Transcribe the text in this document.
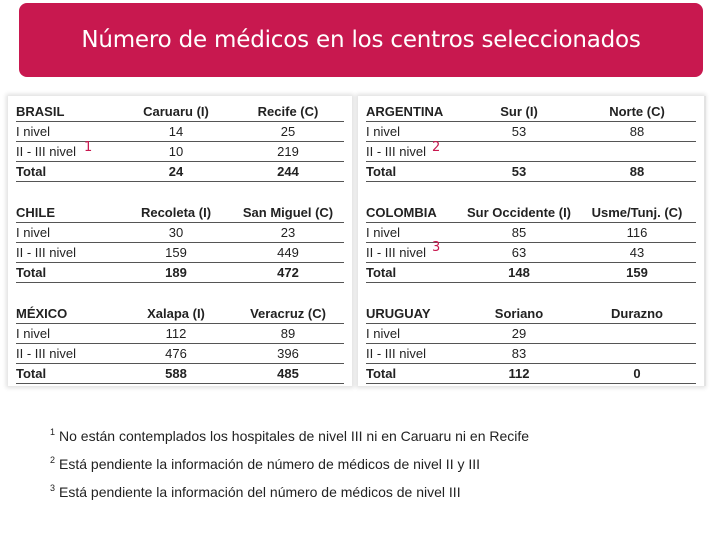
Número de médicos en los centros seleccionados
BRASIL	Caruaru (I)	Recife (C)
I nivel	14	25
II - III nivel	10	219
Total	24	244
CHILE	Recoleta (I)	San Miguel (C)
I nivel	30	23
II - III nivel	159	449
Total	189	472
MÉXICO	Xalapa (I)	Veracruz (C)
I nivel	112	89
II - III nivel	476	396
Total	588	485
1
ARGENTINA	Sur (I)	Norte (C)
I nivel	53	88
II - III nivel
Total	53	88
COLOMBIA	Sur Occidente (I)	Usme/Tunj. (C)
I nivel	85	116
II - III nivel	63	43
Total	148	159
URUGUAY	Soriano	Durazno
I nivel	29
II - III nivel	83
Total	112	0
2
3
$^1$ No están contemplados los hospitales de nivel III ni en Caruaru ni en Recife
$^2$ Está pendiente la información de número de médicos de nivel II y III
$^3$ Está pendiente la información del número de médicos de nivel III
